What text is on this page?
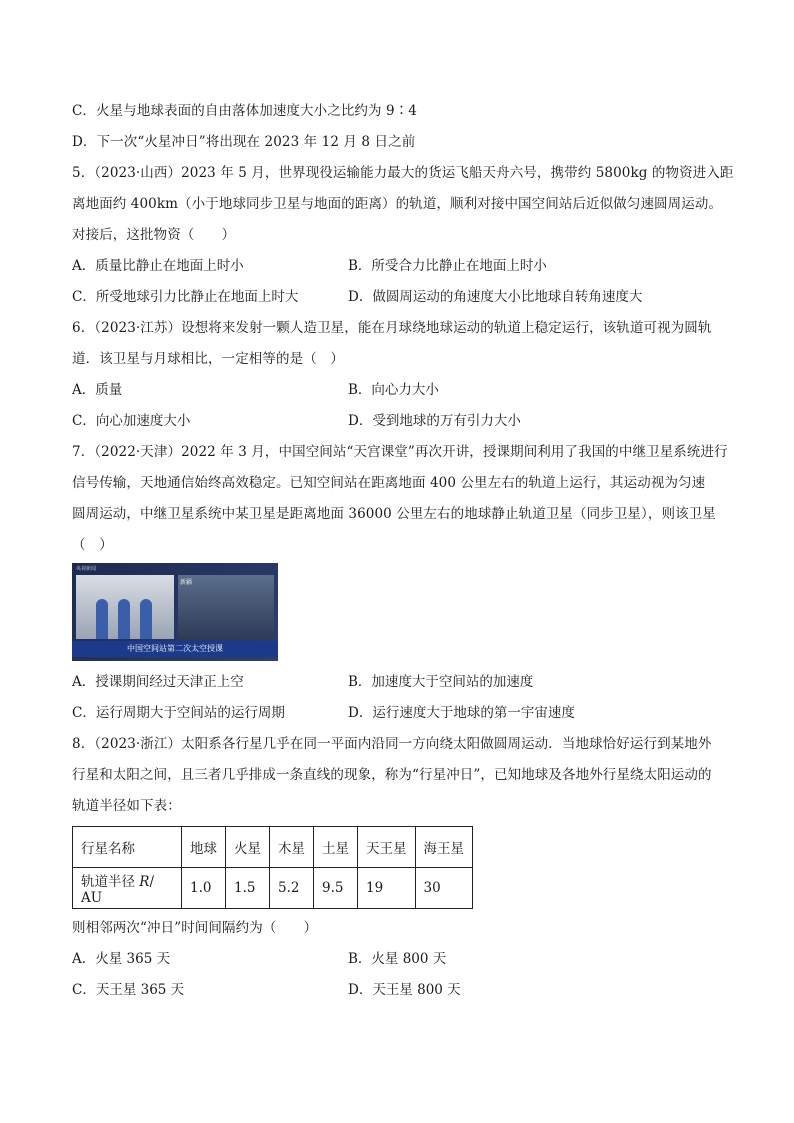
C．火星与地球表面的自由落体加速度大小之比约为 9∶4
D．下一次“火星冲日”将出现在 2023 年 12 月 8 日之前
5．（2023·山西）2023 年 5 月，世界现役运输能力最大的货运飞船天舟六号，携带约 5800kg 的物资进入距
离地面约 400km（小于地球同步卫星与地面的距离）的轨道，顺利对接中国空间站后近似做匀速圆周运动。
对接后，这批物资（　　）
A．质量比静止在地面上时小	B．所受合力比静止在地面上时小
C．所受地球引力比静止在地面上时大	D．做圆周运动的角速度大小比地球自转角速度大
6．（2023·江苏）设想将来发射一颗人造卫星，能在月球绕地球运动的轨道上稳定运行，该轨道可视为圆轨
道．该卫星与月球相比，一定相等的是（　）
A．质量	B．向心力大小
C．向心加速度大小	D．受到地球的万有引力大小
7．（2022·天津）2022 年 3 月，中国空间站“天宫课堂”再次开讲，授课期间利用了我国的中继卫星系统进行
信号传输，天地通信始终高效稳定。已知空间站在距离地面 400 公里左右的轨道上运行，其运动视为匀速
圆周运动，中继卫星系统中某卫星是距离地面 36000 公里左右的地球静止轨道卫星（同步卫星），则该卫星
（　）
央视新闻
新疆
中国空间站第二次太空授课
A．授课期间经过天津正上空	B．加速度大于空间站的加速度
C．运行周期大于空间站的运行周期	D．运行速度大于地球的第一宇宙速度
8．（2023·浙江）太阳系各行星几乎在同一平面内沿同一方向绕太阳做圆周运动．当地球恰好运行到某地外
行星和太阳之间，且三者几乎排成一条直线的现象，称为“行星冲日”，已知地球及各地外行星绕太阳运动的
轨道半径如下表：
行星名称	地球	火星	木星	土星	天王星	海王星
轨道半径 R/ AU	1.0	1.5	5.2	9.5	19	30
则相邻两次“冲日”时间间隔约为（　　）
A．火星 365 天	B．火星 800 天
C．天王星 365 天	D．天王星 800 天
